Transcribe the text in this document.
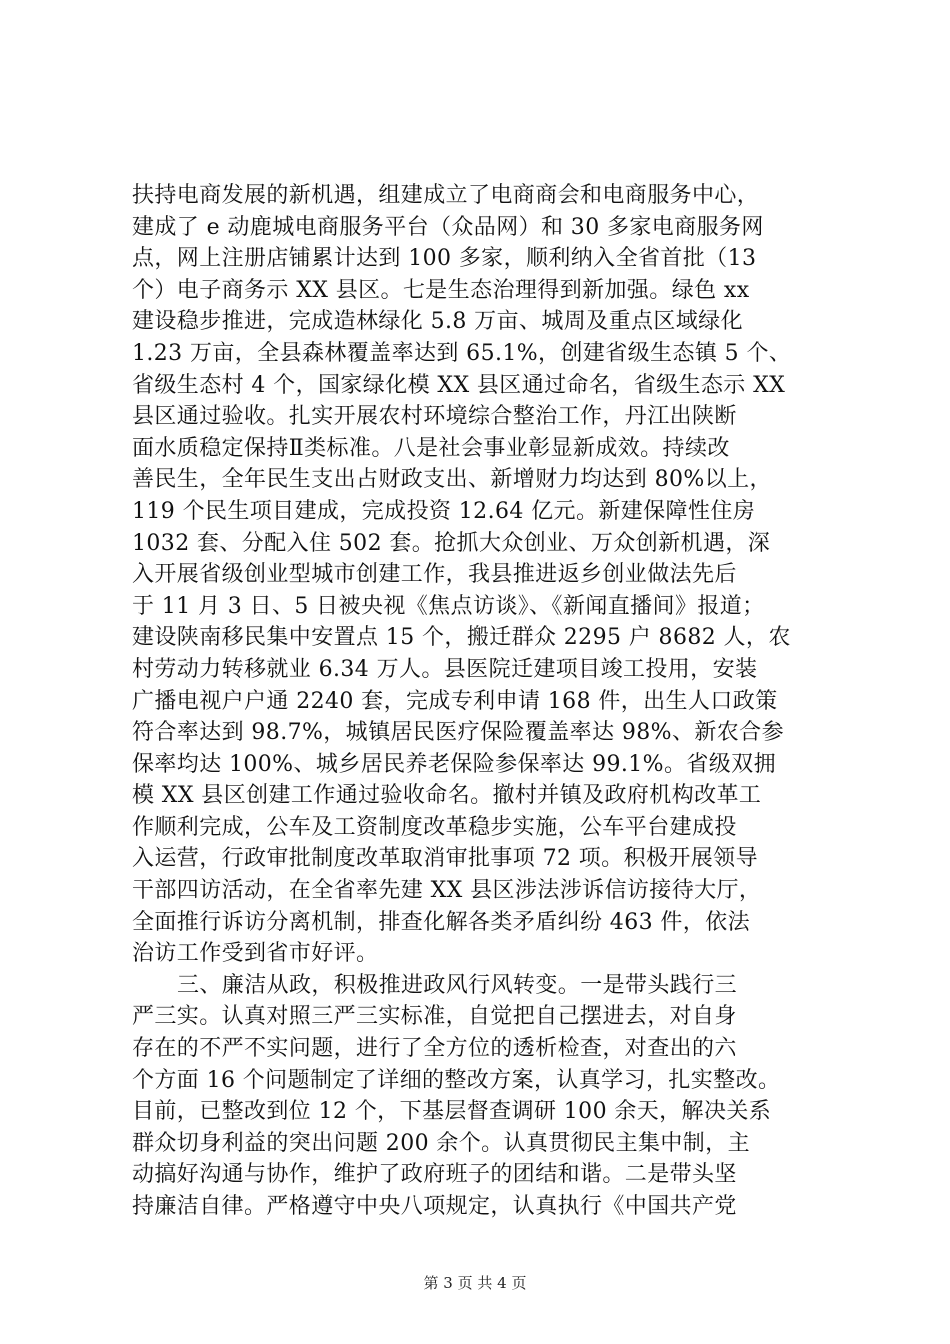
扶持电商发展的新机遇，组建成立了电商商会和电商服务中心，
建成了 e 动鹿城电商服务平台（众品网）和 30 多家电商服务网
点，网上注册店铺累计达到 100 多家，顺利纳入全省首批（13
个）电子商务示 XX 县区。七是生态治理得到新加强。绿色 xx
建设稳步推进，完成造林绿化 5.8 万亩、城周及重点区域绿化
1.23 万亩，全县森林覆盖率达到 65.1%，创建省级生态镇 5 个、
省级生态村 4 个，国家绿化模 XX 县区通过命名，省级生态示 XX
县区通过验收。扎实开展农村环境综合整治工作，丹江出陕断
面水质稳定保持Ⅱ类标准。八是社会事业彰显新成效。持续改
善民生，全年民生支出占财政支出、新增财力均达到 80%以上，
119 个民生项目建成，完成投资 12.64 亿元。新建保障性住房
1032 套、分配入住 502 套。抢抓大众创业、万众创新机遇，深
入开展省级创业型城市创建工作，我县推进返乡创业做法先后
于 11 月 3 日、5 日被央视《焦点访谈》、《新闻直播间》报道；
建设陕南移民集中安置点 15 个，搬迁群众 2295 户 8682 人，农
村劳动力转移就业 6.34 万人。县医院迁建项目竣工投用，安装
广播电视户户通 2240 套，完成专利申请 168 件，出生人口政策
符合率达到 98.7%，城镇居民医疗保险覆盖率达 98%、新农合参
保率均达 100%、城乡居民养老保险参保率达 99.1%。省级双拥
模 XX 县区创建工作通过验收命名。撤村并镇及政府机构改革工
作顺利完成，公车及工资制度改革稳步实施，公车平台建成投
入运营，行政审批制度改革取消审批事项 72 项。积极开展领导
干部四访活动，在全省率先建 XX 县区涉法涉诉信访接待大厅，
全面推行诉访分离机制，排查化解各类矛盾纠纷 463 件，依法
治访工作受到省市好评。
三、廉洁从政，积极推进政风行风转变。一是带头践行三
严三实。认真对照三严三实标准，自觉把自己摆进去，对自身
存在的不严不实问题，进行了全方位的透析检查，对查出的六
个方面 16 个问题制定了详细的整改方案，认真学习，扎实整改。
目前，已整改到位 12 个，下基层督查调研 100 余天，解决关系
群众切身利益的突出问题 200 余个。认真贯彻民主集中制，主
动搞好沟通与协作，维护了政府班子的团结和谐。二是带头坚
持廉洁自律。严格遵守中央八项规定，认真执行《中国共产党
第 3 页 共 4 页
